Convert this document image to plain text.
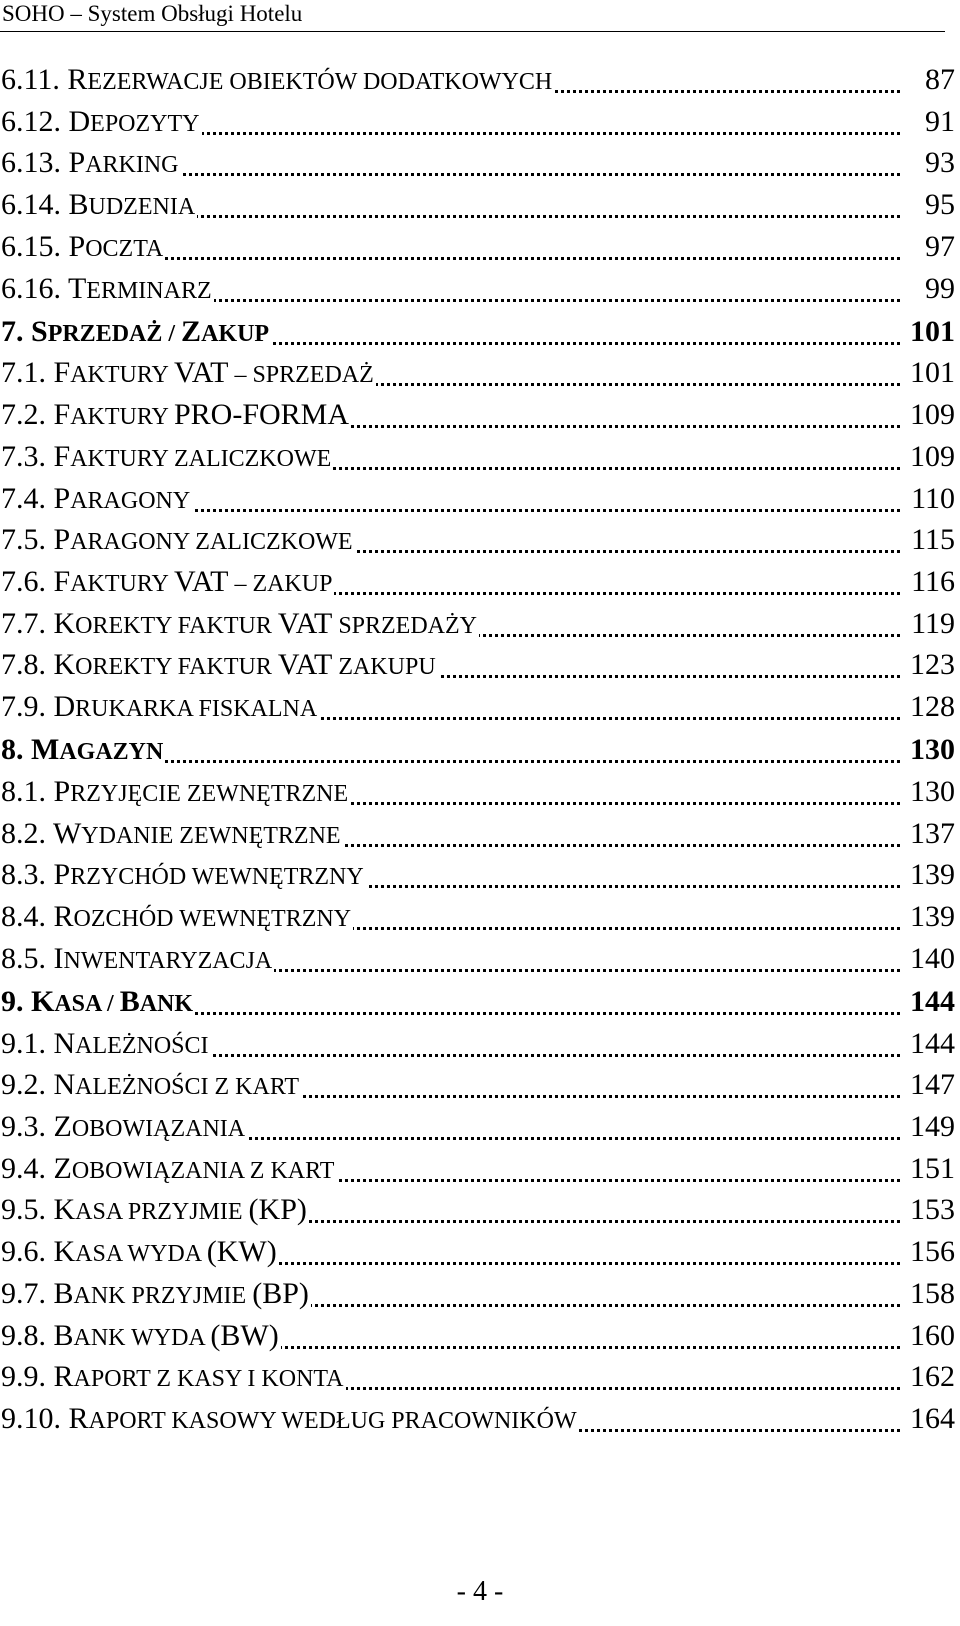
SOHO – System Obsługi Hotelu
6.11. REZERWACJE OBIEKTÓW DODATKOWYCH	87
6.12. DEPOZYTY	91
6.13. PARKING	93
6.14. BUDZENIA	95
6.15. POCZTA	97
6.16. TERMINARZ	99
7. SPRZEDAŻ / ZAKUP	101
7.1. FAKTURY VAT – SPRZEDAŻ	101
7.2. FAKTURY PRO-FORMA	109
7.3. FAKTURY ZALICZKOWE	109
7.4. PARAGONY	110
7.5. PARAGONY ZALICZKOWE	115
7.6. FAKTURY VAT – ZAKUP	116
7.7. KOREKTY FAKTUR VAT SPRZEDAŻY	119
7.8. KOREKTY FAKTUR VAT ZAKUPU	123
7.9. DRUKARKA FISKALNA	128
8. MAGAZYN	130
8.1. PRZYJĘCIE ZEWNĘTRZNE	130
8.2. WYDANIE ZEWNĘTRZNE	137
8.3. PRZYCHÓD WEWNĘTRZNY	139
8.4. ROZCHÓD WEWNĘTRZNY	139
8.5. INWENTARYZACJA	140
9. KASA / BANK	144
9.1. NALEŻNOŚCI	144
9.2. NALEŻNOŚCI Z KART	147
9.3. ZOBOWIĄZANIA	149
9.4. ZOBOWIĄZANIA Z KART	151
9.5. KASA PRZYJMIE (KP)	153
9.6. KASA WYDA (KW)	156
9.7. BANK PRZYJMIE (BP)	158
9.8. BANK WYDA (BW)	160
9.9. RAPORT Z KASY I KONTA	162
9.10. RAPORT KASOWY WEDŁUG PRACOWNIKÓW	164
- 4 -
